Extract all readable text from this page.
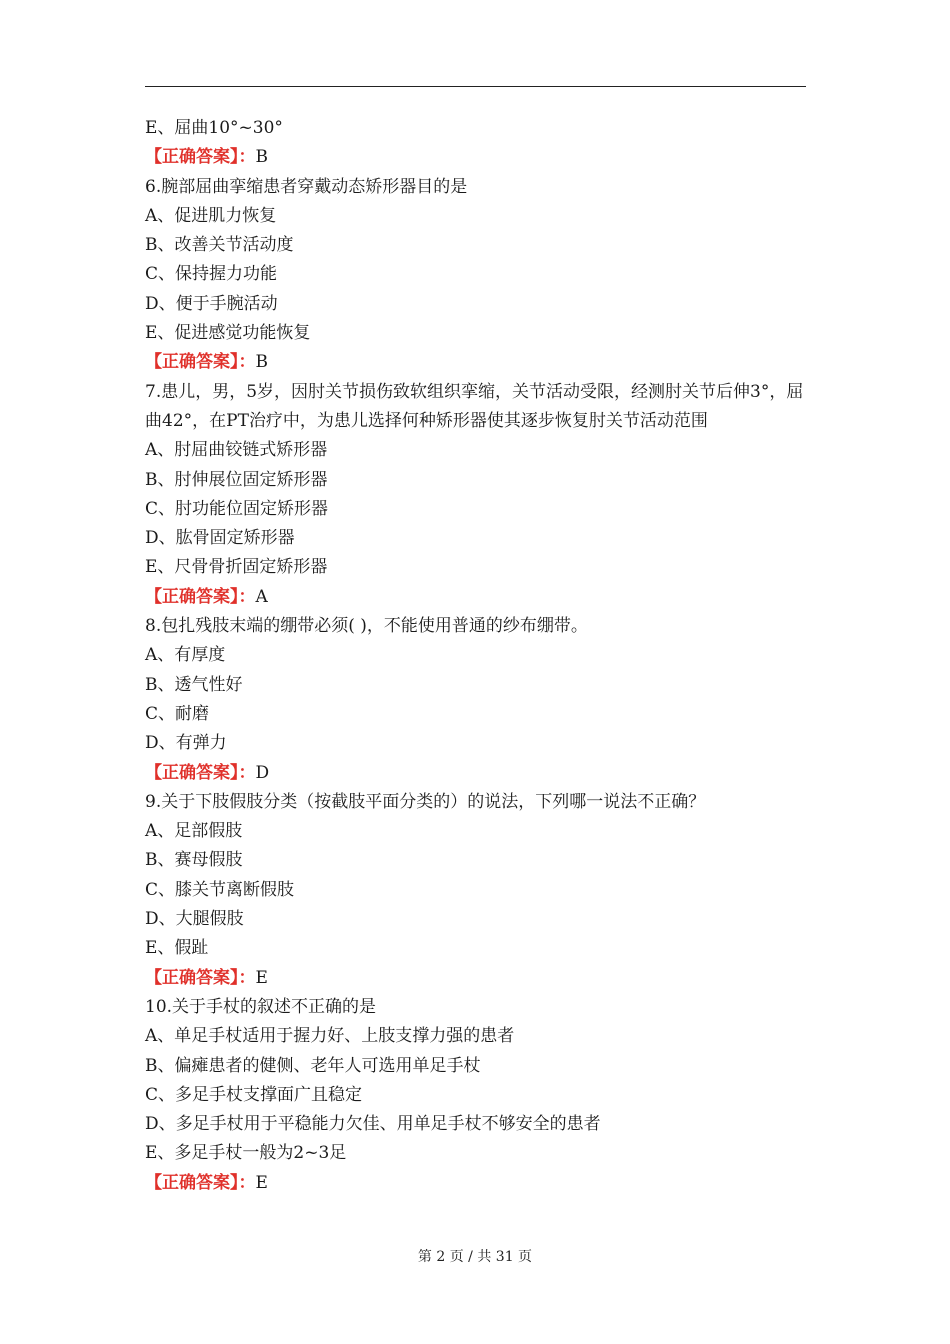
E、屈曲10°~30°

【正确答案】：B

6.腕部屈曲挛缩患者穿戴动态矫形器目的是

A、促进肌力恢复

B、改善关节活动度

C、保持握力功能

D、便于手腕活动

E、促进感觉功能恢复

【正确答案】：B

7.患儿，男，5岁，因肘关节损伤致软组织挛缩，关节活动受限，经测肘关节后伸3°，屈曲42°，在PT治疗中，为患儿选择何种矫形器使其逐步恢复肘关节活动范围

A、肘屈曲铰链式矫形器

B、肘伸展位固定矫形器

C、肘功能位固定矫形器

D、肱骨固定矫形器

E、尺骨骨折固定矫形器

【正确答案】：A

8.包扎残肢末端的绷带必须( )，不能使用普通的纱布绷带。

A、有厚度

B、透气性好

C、耐磨

D、有弹力

【正确答案】：D

9.关于下肢假肢分类（按截肢平面分类的）的说法，下列哪一说法不正确？

A、足部假肢

B、赛母假肢

C、膝关节离断假肢

D、大腿假肢

E、假趾

【正确答案】：E

10.关于手杖的叙述不正确的是

A、单足手杖适用于握力好、上肢支撑力强的患者

B、偏瘫患者的健侧、老年人可选用单足手杖

C、多足手杖支撑面广且稳定

D、多足手杖用于平稳能力欠佳、用单足手杖不够安全的患者

E、多足手杖一般为2~3足

【正确答案】：E

第 2 页 / 共 31 页
